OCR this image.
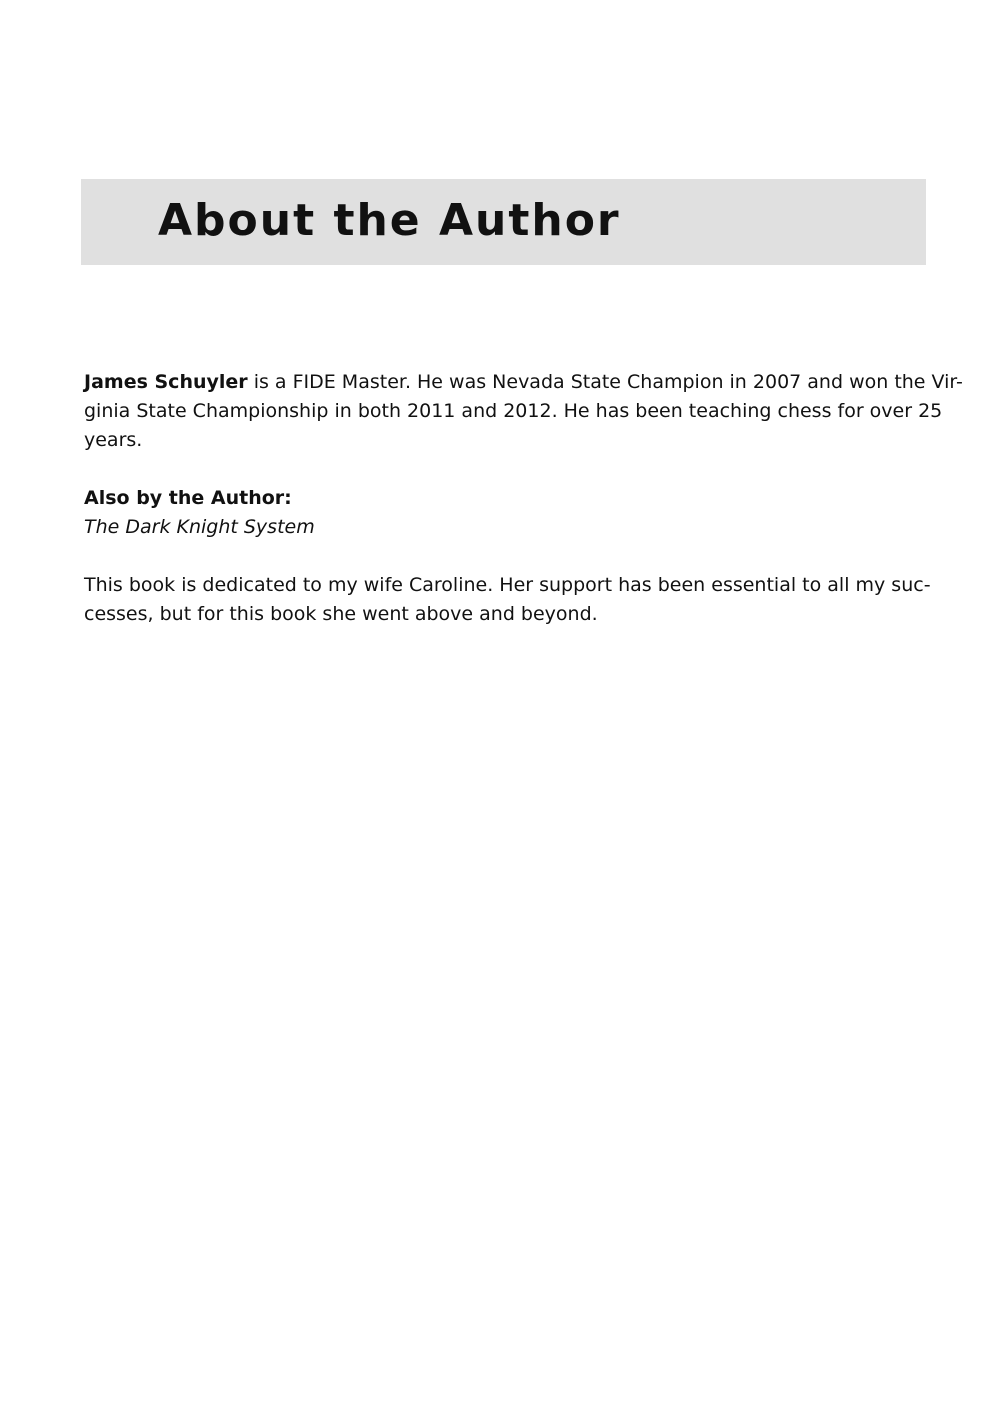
About the Author

James Schuyler is a FIDE Master. He was Nevada State Champion in 2007 and won the Vir-
ginia State Championship in both 2011 and 2012. He has been teaching chess for over 25
years.

Also by the Author:
The Dark Knight System

This book is dedicated to my wife Caroline. Her support has been essential to all my suc-
cesses, but for this book she went above and beyond.
